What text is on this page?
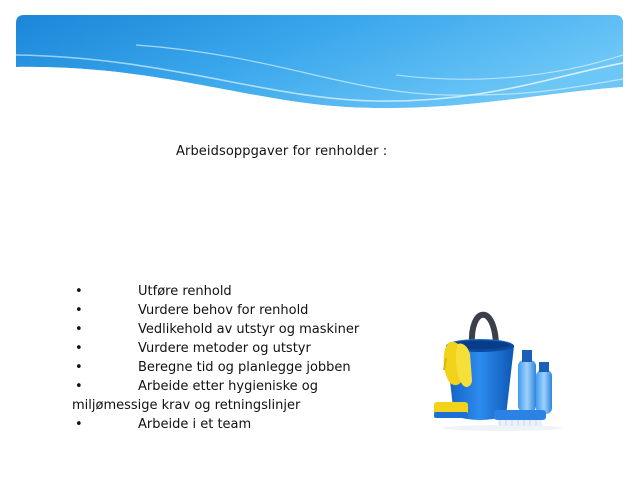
Arbeidsoppgaver for renholder :
•	Utføre renhold
•	Vurdere behov for renhold
•	Vedlikehold av utstyr og maskiner
•	Vurdere metoder og utstyr
•	Beregne tid og planlegge jobben
•	Arbeide etter hygieniske og
miljømessige krav og retningslinjer
•	Arbeide i et team
